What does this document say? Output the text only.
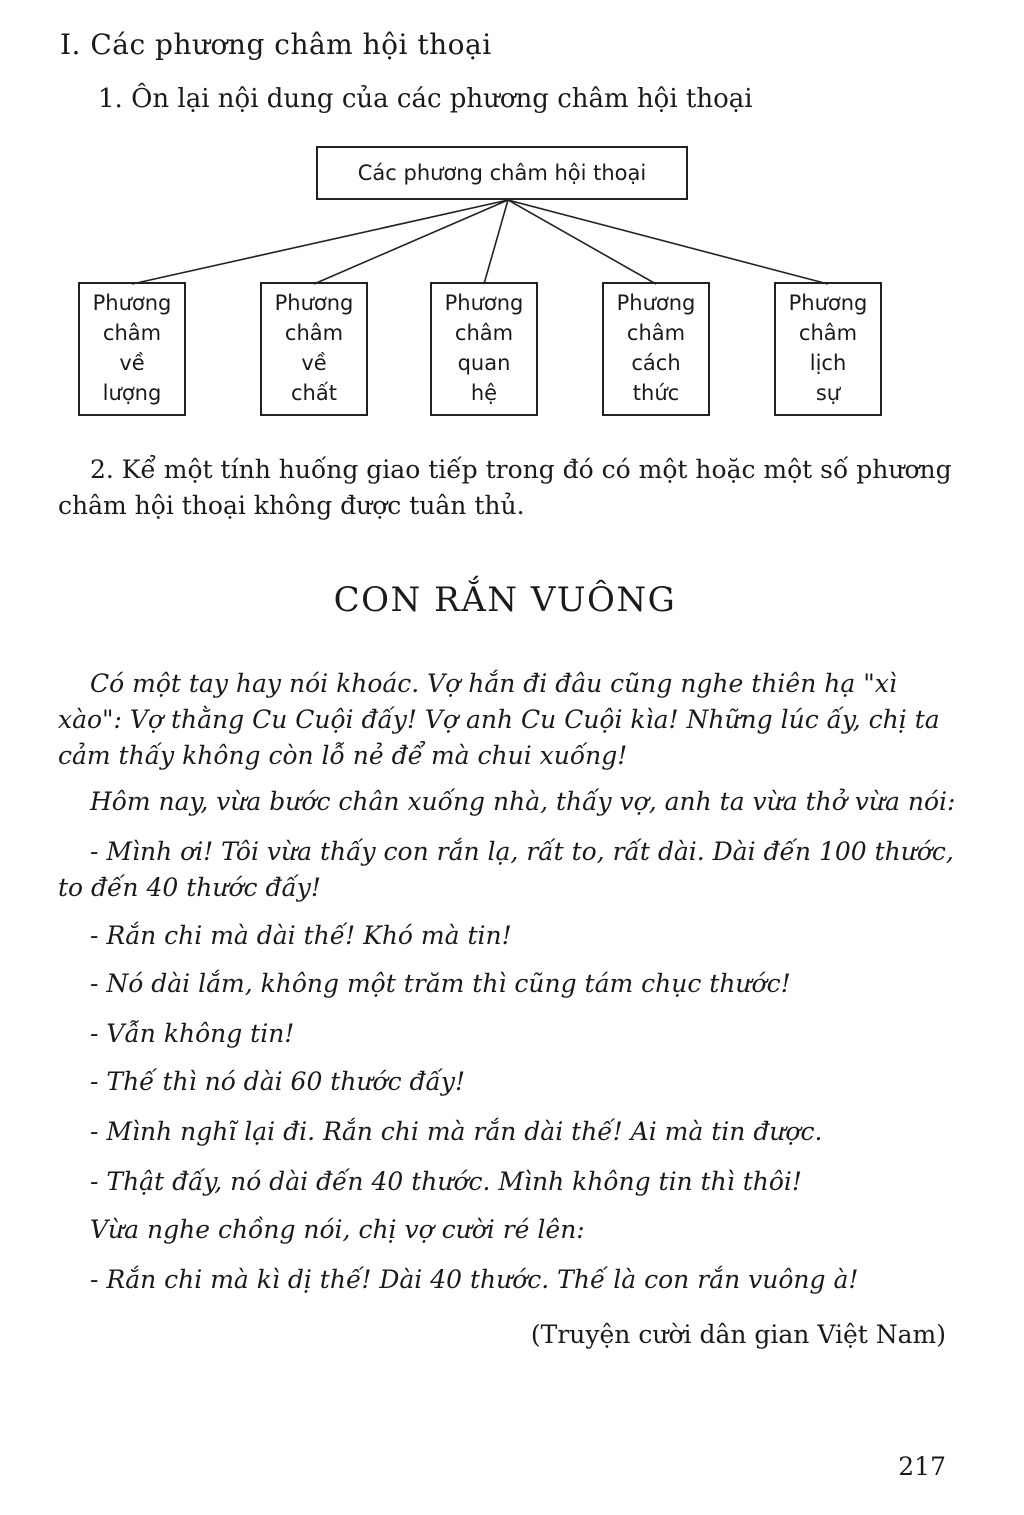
I. Các phương châm hội thoại
1. Ôn lại nội dung của các phương châm hội thoại
Các phương châm hội thoại
Phương
châm
về
lượng
Phương
châm
về
chất
Phương
châm
quan
hệ
Phương
châm
cách
thức
Phương
châm
lịch
sự
2. Kể một tính huống giao tiếp trong đó có một hoặc một số phương châm hội thoại không được tuân thủ.
CON RẮN VUÔNG
Có một tay hay nói khoác. Vợ hắn đi đâu cũng nghe thiên hạ "xì xào": Vợ thằng Cu Cuội đấy! Vợ anh Cu Cuội kìa! Những lúc ấy, chị ta cảm thấy không còn lỗ nẻ để mà chui xuống!
Hôm nay, vừa bước chân xuống nhà, thấy vợ, anh ta vừa thở vừa nói:
- Mình ơi! Tôi vừa thấy con rắn lạ, rất to, rất dài. Dài đến 100 thước, to đến 40 thước đấy!
- Rắn chi mà dài thế! Khó mà tin!
- Nó dài lắm, không một trăm thì cũng tám chục thước!
- Vẫn không tin!
- Thế thì nó dài 60 thước đấy!
- Mình nghĩ lại đi. Rắn chi mà rắn dài thế! Ai mà tin được.
- Thật đấy, nó dài đến 40 thước. Mình không tin thì thôi!
Vừa nghe chồng nói, chị vợ cười ré lên:
- Rắn chi mà kì dị thế! Dài 40 thước. Thế là con rắn vuông à!
(Truyện cười dân gian Việt Nam)
217
